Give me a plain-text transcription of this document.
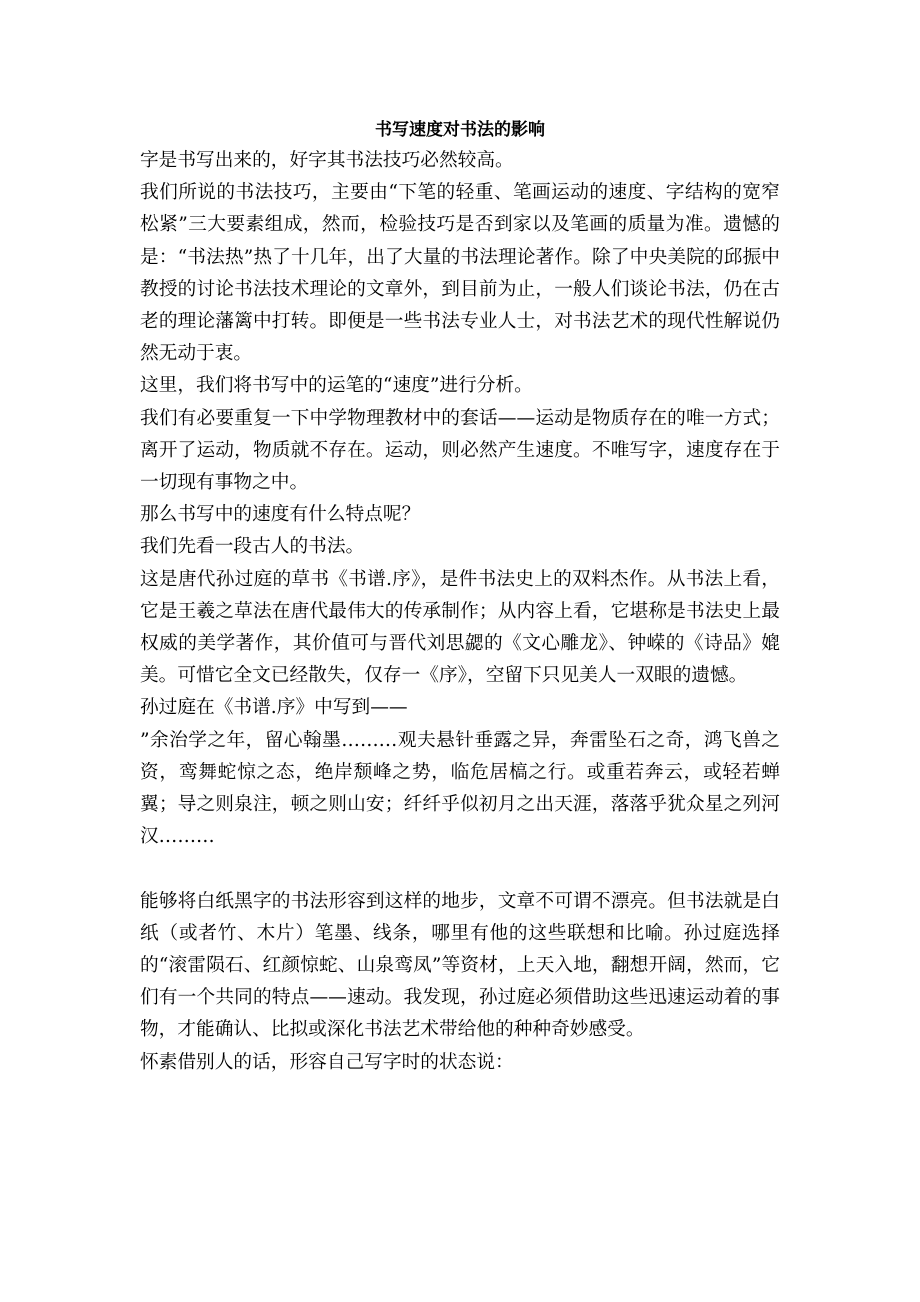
书写速度对书法的影响

字是书写出来的，好字其书法技巧必然较高。

我们所说的书法技巧，主要由“下笔的轻重、笔画运动的速度、字结构的宽窄松紧”三大要素组成，然而，检验技巧是否到家以及笔画的质量为准。遗憾的是：“书法热”热了十几年，出了大量的书法理论著作。除了中央美院的邱振中教授的讨论书法技术理论的文章外，到目前为止，一般人们谈论书法，仍在古老的理论藩篱中打转。即便是一些书法专业人士，对书法艺术的现代性解说仍然无动于衷。

这里，我们将书写中的运笔的“速度”进行分析。

我们有必要重复一下中学物理教材中的套话——运动是物质存在的唯一方式；离开了运动，物质就不存在。运动，则必然产生速度。不唯写字，速度存在于一切现有事物之中。

那么书写中的速度有什么特点呢？

我们先看一段古人的书法。

这是唐代孙过庭的草书《书谱.序》，是件书法史上的双料杰作。从书法上看，它是王羲之草法在唐代最伟大的传承制作；从内容上看，它堪称是书法史上最权威的美学著作，其价值可与晋代刘思勰的《文心雕龙》、钟嵘的《诗品》媲美。可惜它全文已经散失，仅存一《序》，空留下只见美人一双眼的遗憾。

孙过庭在《书谱.序》中写到——

”余治学之年，留心翰墨………观夫悬针垂露之异，奔雷坠石之奇，鸿飞兽之资，鸾舞蛇惊之态，绝岸颓峰之势，临危居槁之行。或重若奔云，或轻若蝉翼；导之则泉注，顿之则山安；纤纤乎似初月之出天涯，落落乎犹众星之列河汉………

能够将白纸黑字的书法形容到这样的地步，文章不可谓不漂亮。但书法就是白纸（或者竹、木片）笔墨、线条，哪里有他的这些联想和比喻。孙过庭选择的“滚雷陨石、红颜惊蛇、山泉鸾凤”等资材，上天入地，翻想开阔，然而，它们有一个共同的特点——速动。我发现，孙过庭必须借助这些迅速运动着的事物，才能确认、比拟或深化书法艺术带给他的种种奇妙感受。

怀素借别人的话，形容自己写字时的状态说：
